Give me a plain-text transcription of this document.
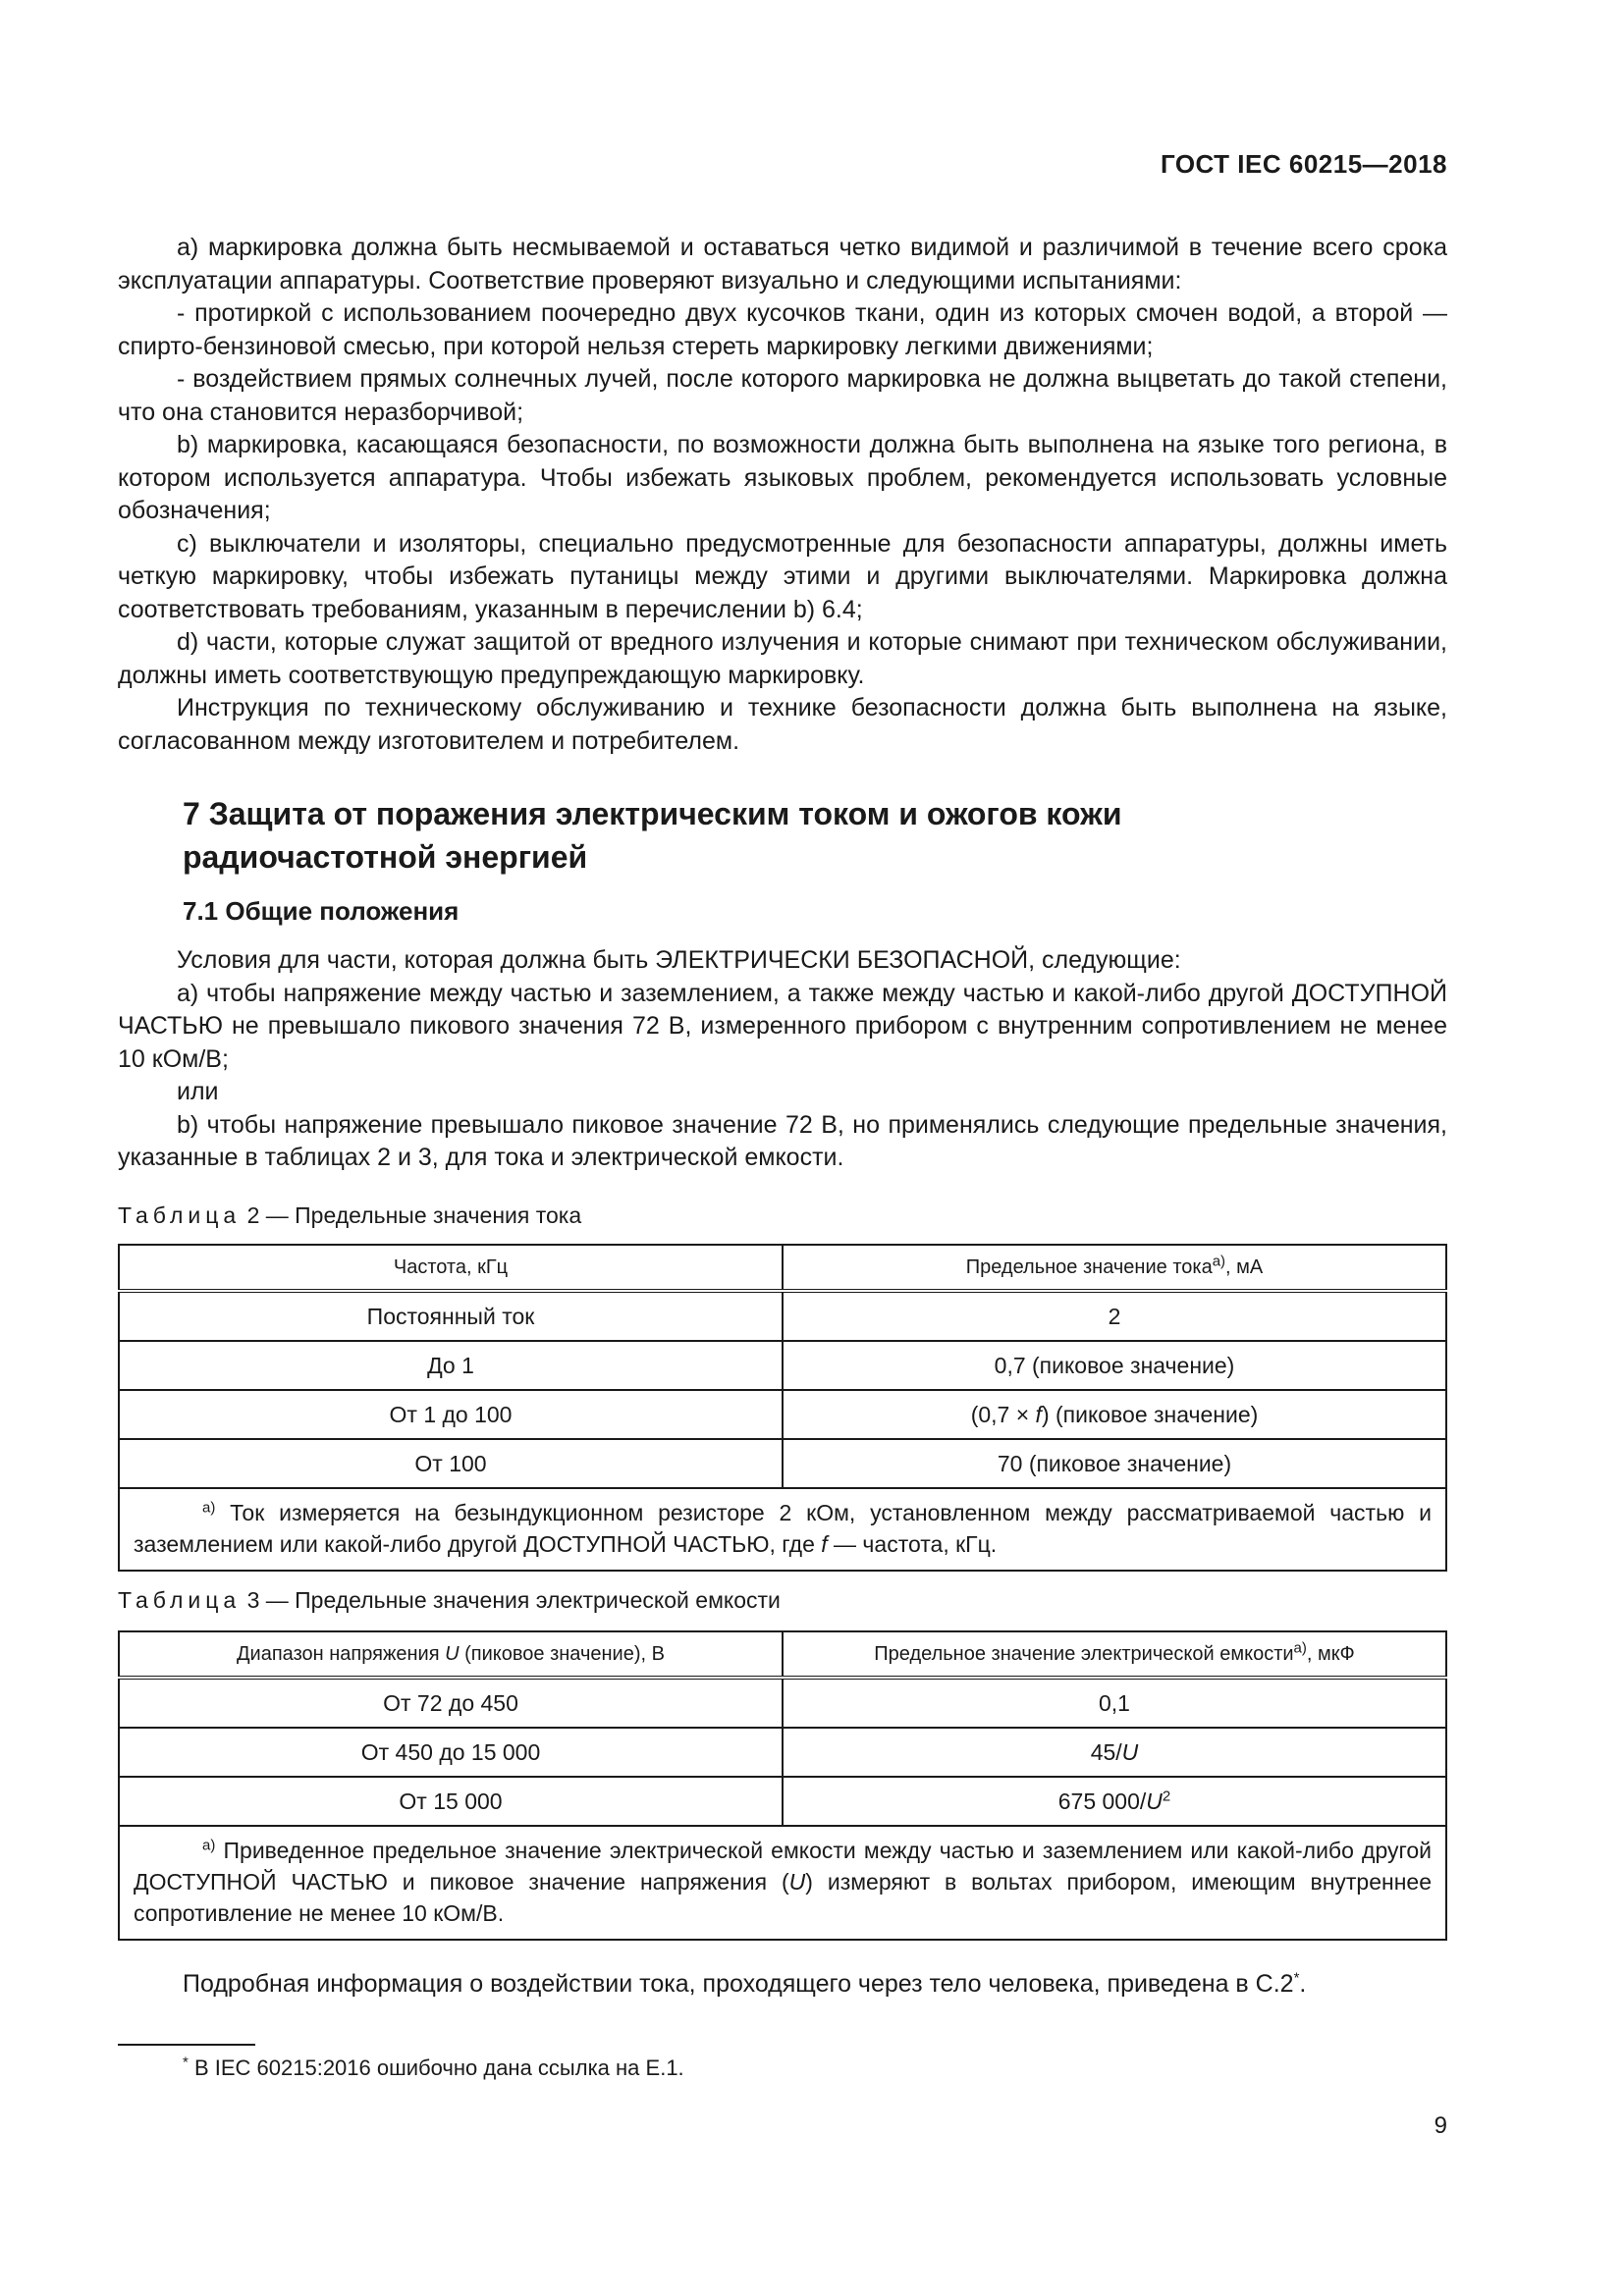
ГОСТ IEC 60215—2018

а) маркировка должна быть несмываемой и оставаться четко видимой и различимой в течение всего срока эксплуатации аппаратуры. Соответствие проверяют визуально и следующими испытаниями:

- протиркой с использованием поочередно двух кусочков ткани, один из которых смочен водой, а второй — спирто-бензиновой смесью, при которой нельзя стереть маркировку легкими движениями;

- воздействием прямых солнечных лучей, после которого маркировка не должна выцветать до такой степени, что она становится неразборчивой;

b) маркировка, касающаяся безопасности, по возможности должна быть выполнена на языке того региона, в котором используется аппаратура. Чтобы избежать языковых проблем, рекомендуется использовать условные обозначения;

c) выключатели и изоляторы, специально предусмотренные для безопасности аппаратуры, должны иметь четкую маркировку, чтобы избежать путаницы между этими и другими выключателями. Маркировка должна соответствовать требованиям, указанным в перечислении b) 6.4;

d) части, которые служат защитой от вредного излучения и которые снимают при техническом обслуживании, должны иметь соответствующую предупреждающую маркировку.

Инструкция по техническому обслуживанию и технике безопасности должна быть выполнена на языке, согласованном между изготовителем и потребителем.

7 Защита от поражения электрическим током и ожогов кожи радиочастотной энергией
7.1 Общие положения

Условия для части, которая должна быть ЭЛЕКТРИЧЕСКИ БЕЗОПАСНОЙ, следующие:

а) чтобы напряжение между частью и заземлением, а также между частью и какой-либо другой ДОСТУПНОЙ ЧАСТЬЮ не превышало пикового значения 72 В, измеренного прибором с внутренним сопротивлением не менее 10 кОм/В;

или

b) чтобы напряжение превышало пиковое значение 72 В, но применялись следующие предельные значения, указанные в таблицах 2 и 3, для тока и электрической емкости.

Таблица 2 — Предельные значения тока
Частота, кГц	Предельное значение тока$^{a)}$, мА
Постоянный ток	2
До 1	0,7 (пиковое значение)
От 1 до 100	(0,7 × f) (пиковое значение)
От 100	70 (пиковое значение)
$^{a)}$ Ток измеряется на безындукционном резисторе 2 кОм, установленном между рассматриваемой частью и заземлением или какой-либо другой ДОСТУПНОЙ ЧАСТЬЮ, где f — частота, кГц.	
Таблица 3 — Предельные значения электрической емкости
Диапазон напряжения U (пиковое значение), В	Предельное значение электрической емкости$^{a)}$, мкФ
От 72 до 450	0,1
От 450 до 15 000	45/U
От 15 000	675 $000/U^2$
$^{a)}$ Приведенное предельное значение электрической емкости между частью и заземлением или какой-либо другой ДОСТУПНОЙ ЧАСТЬЮ и пиковое значение напряжения (U) измеряют в вольтах прибором, имеющим внутреннее сопротивление не менее 10 кОм/В.	
Подробная информация о воздействии тока, проходящего через тело человека, приведена в С.2*.
* В IEC 60215:2016 ошибочно дана ссылка на Е.1.
9
